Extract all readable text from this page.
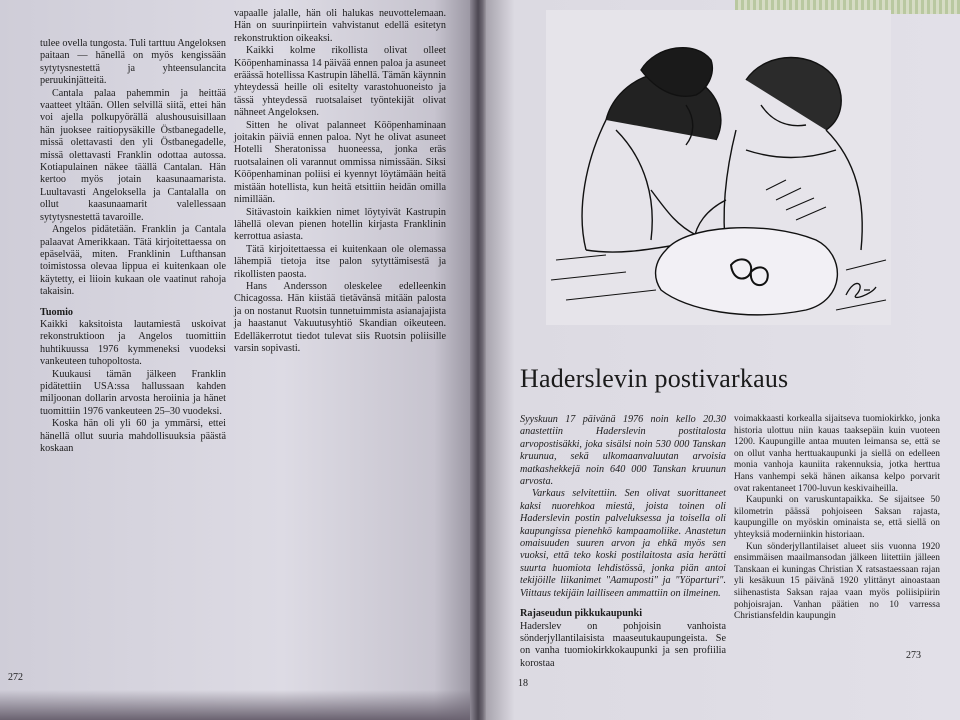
tulee ovella tungosta. Tuli tarttuu Angeloksen paitaan — hänellä on myös kengissään sytytysnestettä ja yhteensulancita peruukinjätteitä.

Cantala palaa pahemmin ja heittää vaatteet yltään. Ollen selvillä siitä, ettei hän voi ajella polkupyörällä alushousuisillaan hän juoksee raitiopysäkille Östbanegadelle, missä olettavasti den yli Östbanegadelle, missä olettavasti Franklin odottaa autossa. Kotiapulainen näkee täällä Cantalan. Hän kertoo myös jotain kaasunaamarista. Luultavasti Angeloksella ja Cantalalla on ollut kaasunaamarit valellessaan sytytysnestettä tavaroille.

Angelos pidätetään. Franklin ja Cantala palaavat Amerikkaan. Tätä kirjoitettaessa on epäselvää, miten. Franklinin Lufthansan toimistossa olevaa lippua ei kuitenkaan ole käytetty, ei liioin kukaan ole vaatinut rahoja takaisin.

Tuomio

Kaikki kaksitoista lautamiestä uskoivat rekonstruktioon ja Angelos tuomittiin huhtikuussa 1976 kymmeneksi vuodeksi vankeuteen tuhopoltosta.

Kuukausi tämän jälkeen Franklin pidätettiin USA:ssa hallussaan kahden miljoonan dollarin arvosta heroiinia ja hänet tuomittiin 1976 vankeuteen 25–30 vuodeksi.

Koska hän oli yli 60 ja ymmärsi, ettei hänellä ollut suuria mahdollisuuksia päästä koskaan

vapaalle jalalle, hän oli halukas neuvottelemaan. Hän on suurinpiirtein vahvistanut edellä esitetyn rekonstruktion oikeaksi.

Kaikki kolme rikollista olivat olleet Kööpenhaminassa 14 päivää ennen paloa ja asuneet eräässä hotellissa Kastrupin lähellä. Tämän käynnin yhteydessä heille oli esitelty varastohuoneisto ja tässä yhteydessä ruotsalaiset työntekijät olivat nähneet Angeloksen.

Sitten he olivat palanneet Kööpenhaminaan joitakin päiviä ennen paloa. Nyt he olivat asuneet Hotelli Sheratonissa huoneessa, jonka eräs ruotsalainen oli varannut ommissa nimissään. Siksi Kööpenhaminan poliisi ei kyennyt löytämään heitä mistään hotellista, kun heitä etsittiin heidän omilla nimillään.

Sitävastoin kaikkien nimet löytyivät Kastrupin lähellä olevan pienen hotellin kirjasta Franklinin kerrottua asiasta.

Tätä kirjoitettaessa ei kuitenkaan ole olemassa lähempiä tietoja itse palon sytyttämisestä ja rikollisten paosta.

Hans Andersson oleskelee edelleenkin Chicagossa. Hän kiistää tietävänsä mitään palosta ja on nostanut Ruotsin tunnetuimmista asianajajista ja haastanut Vakuutusyhtiö Skandian oikeuteen. Edelläkerrotut tiedot tulevat siis Ruotsin poliisille varsin sopivasti.

272
Haderslevin postivarkaus

Syyskuun 17 päivänä 1976 noin kello 20.30 anastettiin Haderslevin postitalosta arvopostisäkki, joka sisälsi noin 530 000 Tanskan kruunua, sekä ulkomaanvaluutan arvoisia matkashekkejä noin 640 000 Tanskan kruunun arvosta.

Varkaus selvitettiin. Sen olivat suorittaneet kaksi nuorehkoa miestä, joista toinen oli Haderslevin postin palveluksessa ja toisella oli kaupungissa pienehkö kampaamoliike. Anastetun omaisuuden suuren arvon ja ehkä myös sen vuoksi, että teko koski postilaitosta asia herätti suurta huomiota lehdistössä, jonka piän antoi tekijöille liikanimet "Aamuposti" ja "Yöparturi". Viittaus tekijäin lailliseen ammattiin on ilmeinen.

Rajaseudun pikkukaupunki

Haderslev on pohjoisin vanhoista sönderjyllantilaisista maaseutukaupungeista. Se on vanha tuomiokirkkokaupunki ja sen profiilia korostaa

voimakkaasti korkealla sijaitseva tuomiokirkko, jonka historia ulottuu niin kauas taaksepäin kuin vuoteen 1200. Kaupungille antaa muuten leimansa se, että se on ollut vanha herttuakaupunki ja siellä on edelleen monia vanhoja kauniita rakennuksia, jotka herttua Hans vanhempi sekä hänen aikansa kelpo porvarit ovat rakentaneet 1700-luvun keskivaiheilla.

Kaupunki on varuskuntapaikka. Se sijaitsee 50 kilometrin päässä pohjoiseen Saksan rajasta, kaupungille on myöskin ominaista se, että siellä on yhteyksiä moderniinkin historiaan.

Kun sönderjyllantilaiset alueet siis vuonna 1920 ensimmäisen maailmansodan jälkeen liitettiin jälleen Tanskaan ei kuningas Christian X ratsastaessaan rajan yli kesäkuun 15 päivänä 1920 ylittänyt ainoastaan siihenastista Saksan rajaa vaan myös poliisipiirin pohjoisrajan. Vanhan päätien no 10 varressa Christiansfeldin kaupungin

18
273
